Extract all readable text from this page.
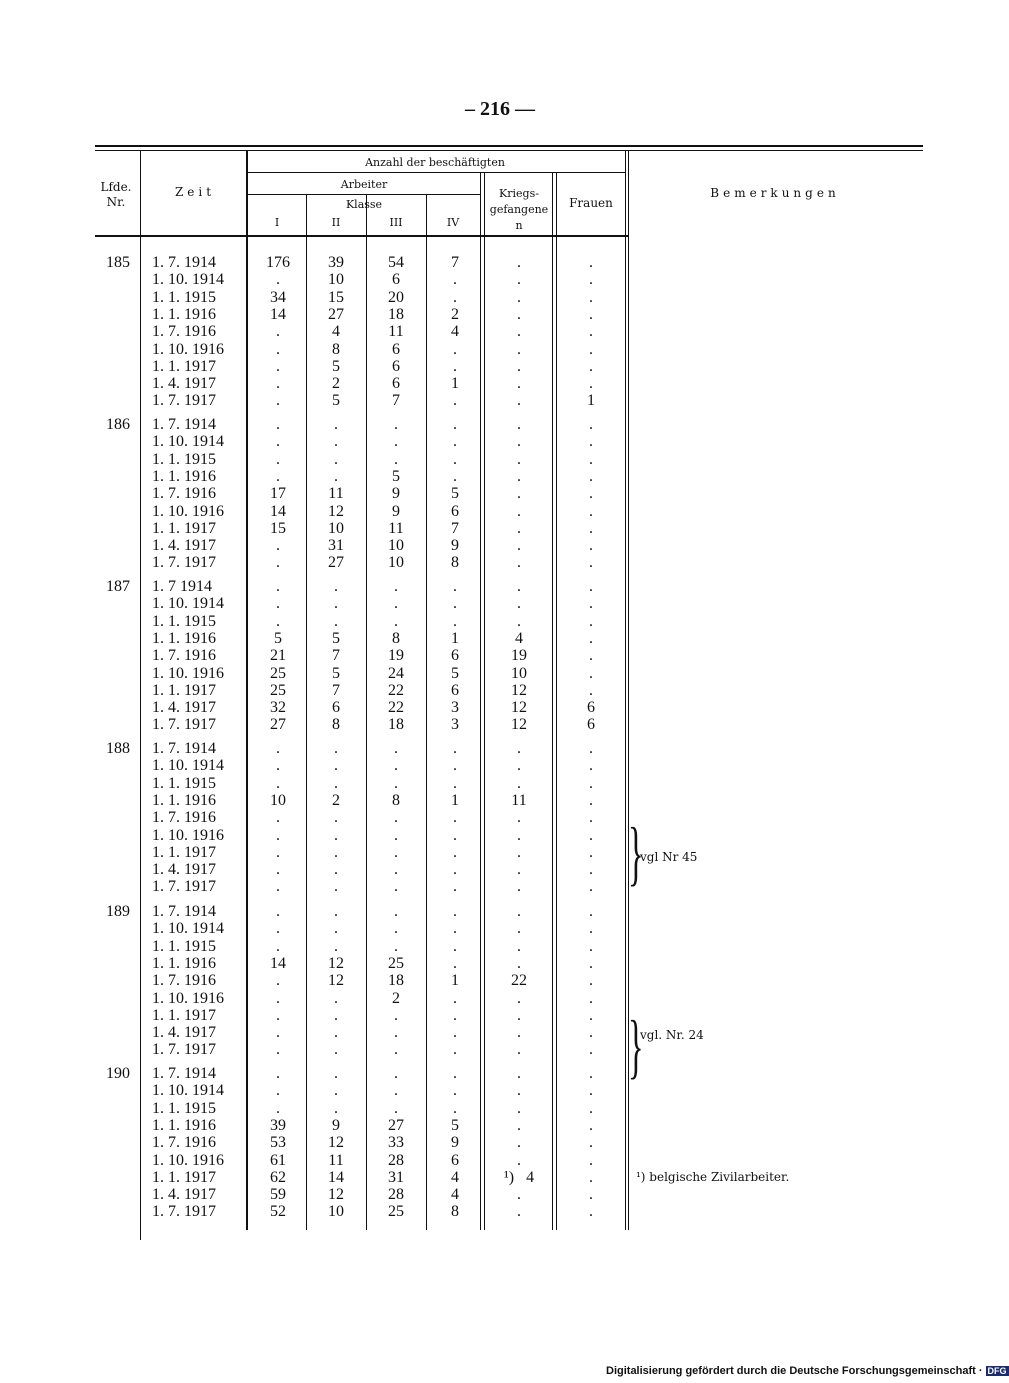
– 216 —
Lfde. Nr.
Zeit
Anzahl der beschäftigten
Arbeiter
Klasse
I	II	III	IV
Kriegs-gefangenen
Frauen
Bemerkungen
185 1. 7. 1914	176	39	54	7	.	.
1. 10. 1914	.	10	6	.	.	.
1. 1. 1915	34	15	20	.	.	.
1. 1. 1916	14	27	18	2	.	.
1. 7. 1916	.	4	11	4	.	.
1. 10. 1916	.	8	6	.	.	.
1. 1. 1917	.	5	6	.	.	.
1. 4. 1917	.	2	6	1	.	.
1. 7. 1917	.	5	7	.	.	1
186 1. 7. 1914	.	.	.	.	.	.
1. 10. 1914	.	.	.	.	.	.
1. 1. 1915	.	.	.	.	.	.
1. 1. 1916	.	.	5	.	.	.
1. 7. 1916	17	11	9	5	.	.
1. 10. 1916	14	12	9	6	.	.
1. 1. 1917	15	10	11	7	.	.
1. 4. 1917	.	31	10	9	.	.
1. 7. 1917	.	27	10	8	.	.
187 1. 7 1914	.	.	.	.	.	.
1. 10. 1914	.	.	.	.	.	.
1. 1. 1915	.	.	.	.	.	.
1. 1. 1916	5	5	8	1	4	.
1. 7. 1916	21	7	19	6	19	.
1. 10. 1916	25	5	24	5	10	.
1. 1. 1917	25	7	22	6	12	.
1. 4. 1917	32	6	22	3	12	6
1. 7. 1917	27	8	18	3	12	6
188 1. 7. 1914	.	.	.	.	.	.
1. 10. 1914	.	.	.	.	.	.
1. 1. 1915	.	.	.	.	.	.
1. 1. 1916	10	2	8	1	11	.
1. 7. 1916	.	.	.	.	.	.
1. 10. 1916	.	.	.	.	.	.
1. 1. 1917	.	.	.	.	.	.
1. 4. 1917	.	.	.	.	.	.
1. 7. 1917	.	.	.	.	.	.
189 1. 7. 1914	.	.	.	.	.	.
1. 10. 1914	.	.	.	.	.	.
1. 1. 1915	.	.	.	.	.	.
1. 1. 1916	14	12	25	.	.	.
1. 7. 1916	.	12	18	1	22	.
1. 10. 1916	.	.	2	.	.	.
1. 1. 1917	.	.	.	.	.	.
1. 4. 1917	.	.	.	.	.	.
1. 7. 1917	.	.	.	.	.	.
190 1. 7. 1914	.	.	.	.	.	.
1. 10. 1914	.	.	.	.	.	.
1. 1. 1915	.	.	.	.	.	.
1. 1. 1916	39	9	27	5	.	.
1. 7. 1916	53	12	33	9	.	.
1. 10. 1916	61	11	28	6	.	.
1. 1. 1917	62	14	31	4	¹)   4	.
1. 4. 1917	59	12	28	4	.	.
1. 7. 1917	52	10	25	8	.	.
}
vgl Nr 45
}
vgl. Nr. 24
¹) belgische Zivilarbeiter.
Digitalisierung gefördert durch die Deutsche Forschungsgemeinschaft · DFG
